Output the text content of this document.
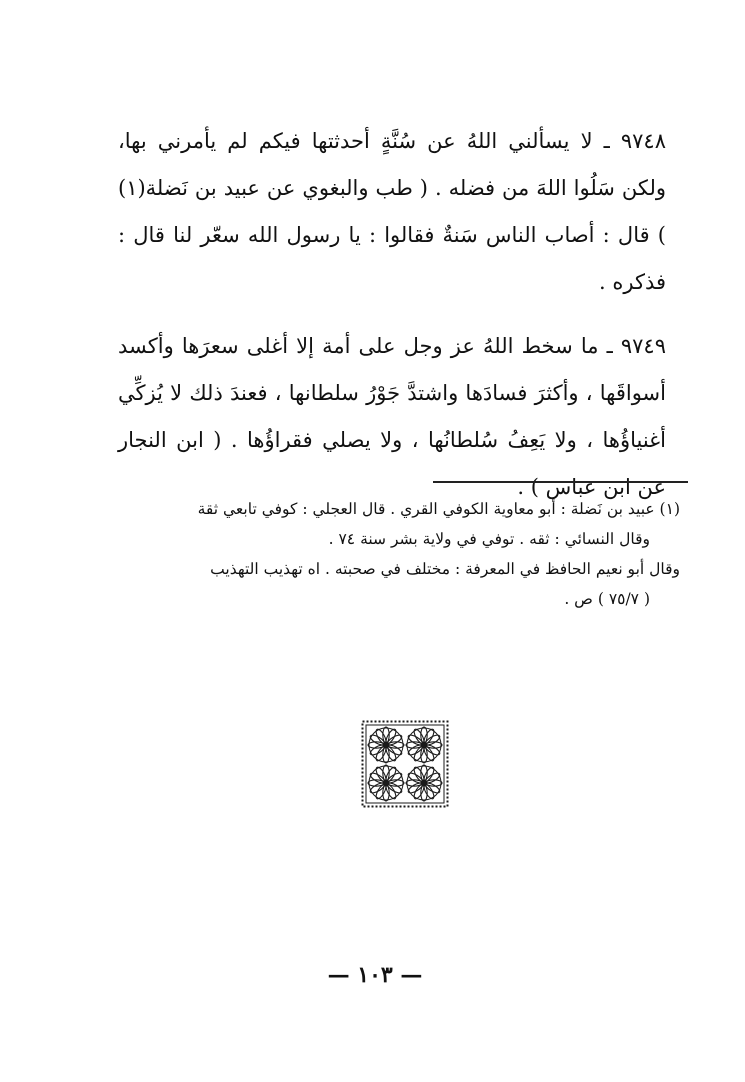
٩٧٤٨ ـ لا يسألني اللهُ عن سُنَّةٍ أحدثتها فيكم لم يأمرني بها، ولكن سَلُوا اللهَ من فضله . ( طب والبغوي عن عبيد بن نَضلة(١) ) قال : أصاب الناس سَنةٌ فقالوا : يا رسول الله سعّر لنا قال : فذكره .

٩٧٤٩ ـ ما سخط اللهُ عز وجل على أمة إلا أغلى سعرَها وأكسد أسواقَها ، وأكثرَ فسادَها واشتدَّ جَوْرُ سلطانها ، فعندَ ذلك لا يُزكِّي أغنياؤُها ، ولا يَعِفُ سُلطانُها ، ولا يصلي فقراؤُها . ( ابن النجار عن ابن عباس ) .

(١) عبيد بن نَضلة : أبو معاوية الكوفي القري . قال العجلي : كوفي تابعي ثقة

وقال النسائي : ثقه . توفي في ولاية بشر سنة ٧٤ .

وقال أبو نعيم الحافظ في المعرفة : مختلف في صحبته . اه تهذيب التهذيب

( ٧٥/٧ ) ص .

— ١٠٣ —
